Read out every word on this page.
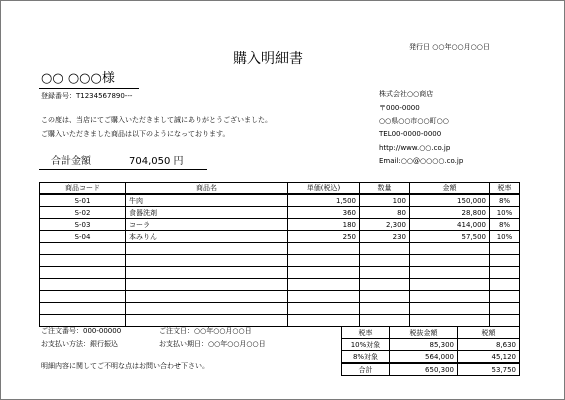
購入明細書
発行日 ○○年○○月○○日
○○ ○○○様
登録番号：T1234567890---
この度は、当店にてご購入いただきまして誠にありがとうございました。
ご購入いただきました商品は以下のようになっております。
合計金額	704,050 円
株式会社○○商店
〒000-0000
○○県○○市○○町○○
TEL00-0000-0000
http://www.○○.co.jp
Email:○○@○○○○.co.jp
商品コード	商品名	単価(税込)	数量	金額	税率
S-01	牛肉	1,500	100	150,000	8%
S-02	食器洗剤	360	80	28,800	10%
S-03	コーラ	180	2,300	414,000	8%
S-04	本みりん	250	230	57,500	10%

ご注文番号：000-00000	ご注文日：○○年○○月○○日
お支払い方法：銀行振込	お支払い期日：○○年○○月○○日
明細内容に関してご不明な点はお問い合わせ下さい。
税率	税抜金額	税額
10%対象	85,300	8,630
8%対象	564,000	45,120
合計	650,300	53,750
